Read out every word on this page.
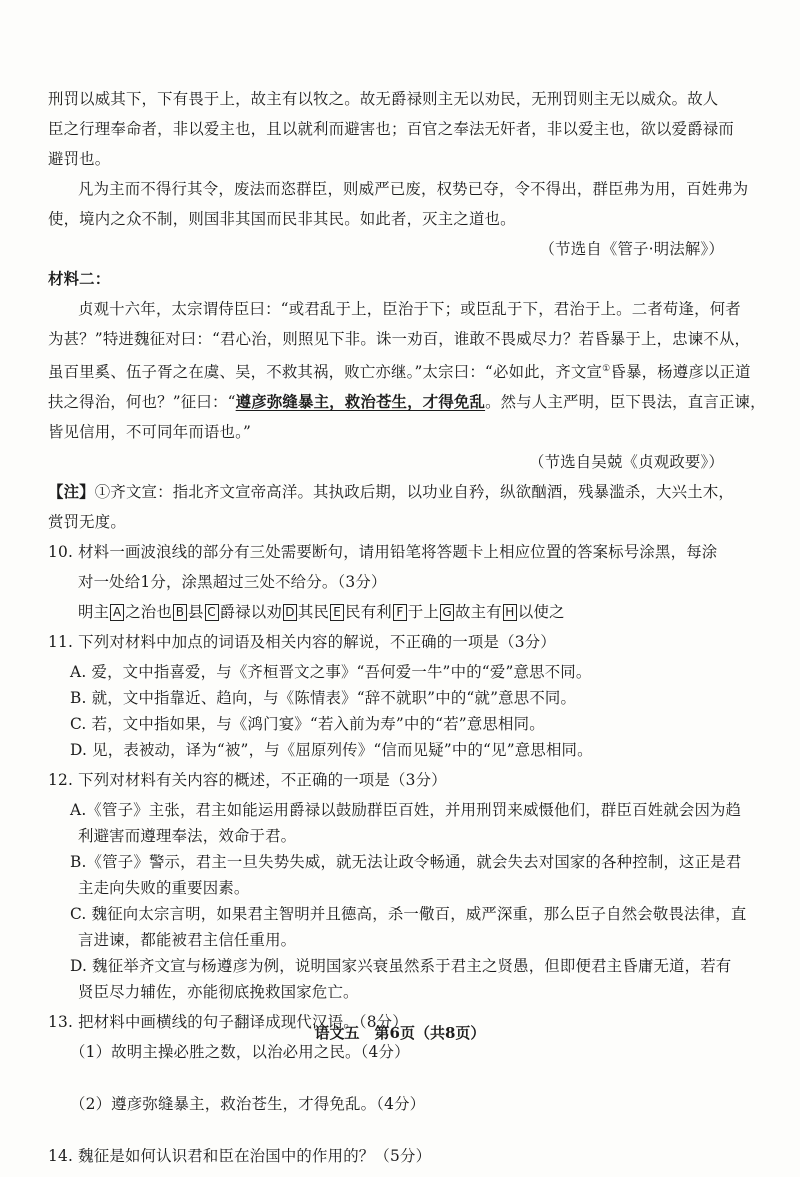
刑罚以威其下，下有畏于上，故主有以牧之。故无爵禄则主无以劝民，无刑罚则主无以威众。故人
臣之行理奉命者，非以爱主也，且以就利而避害也；百官之奉法无奸者，非以爱主也，欲以爱爵禄而
避罚也。
凡为主而不得行其令，废法而恣群臣，则威严已废，权势已夺，令不得出，群臣弗为用，百姓弗为
使，境内之众不制，则国非其国而民非其民。如此者，灭主之道也。
（节选自《管子·明法解》）
材料二：
贞观十六年，太宗谓侍臣曰：“或君乱于上，臣治于下；或臣乱于下，君治于上。二者苟逢，何者
为甚？”特进魏征对曰：“君心治，则照见下非。诛一劝百，谁敢不畏威尽力？若昏暴于上，忠谏不从，
虽百里奚、伍子胥之在虞、吴，不救其祸，败亡亦继。”太宗曰：“必如此，齐文宣①昏暴，杨遵彦以正道
扶之得治，何也？”征曰：“遵彦弥缝暴主，救治苍生，才得免乱。然与人主严明，臣下畏法，直言正谏，
皆见信用，不可同年而语也。”
（节选自吴兢《贞观政要》）
【注】①齐文宣：指北齐文宣帝高洋。其执政后期，以功业自矜，纵欲酗酒，残暴滥杀，大兴土木，
赏罚无度。
10. 材料一画波浪线的部分有三处需要断句，请用铅笔将答题卡上相应位置的答案标号涂黑，每涂
对一处给1分，涂黑超过三处不给分。（3分）
明主 A 之治也 B 县 C 爵禄以劝 D 其民 E 民有利 F 于上 G 故主有 H 以使之
11. 下列对材料中加点的词语及相关内容的解说，不正确的一项是（3分）
A. 爱，文中指喜爱，与《齐桓晋文之事》“吾何爱一牛”中的“爱”意思不同。
B. 就，文中指靠近、趋向，与《陈情表》“辞不就职”中的“就”意思不同。
C. 若，文中指如果，与《鸿门宴》“若入前为寿”中的“若”意思相同。
D. 见，表被动，译为“被”，与《屈原列传》“信而见疑”中的“见”意思相同。
12. 下列对材料有关内容的概述，不正确的一项是（3分）
A.《管子》主张，君主如能运用爵禄以鼓励群臣百姓，并用刑罚来威慑他们，群臣百姓就会因为趋
利避害而遵理奉法，效命于君。
B.《管子》警示，君主一旦失势失威，就无法让政令畅通，就会失去对国家的各种控制，这正是君
主走向失败的重要因素。
C. 魏征向太宗言明，如果君主智明并且德高，杀一儆百，威严深重，那么臣子自然会敬畏法律，直
言进谏，都能被君主信任重用。
D. 魏征举齐文宣与杨遵彦为例，说明国家兴衰虽然系于君主之贤愚，但即便君主昏庸无道，若有
贤臣尽力辅佐，亦能彻底挽救国家危亡。
13. 把材料中画横线的句子翻译成现代汉语。（8分）
（1）故明主操必胜之数，以治必用之民。（4分）
（2）遵彦弥缝暴主，救治苍生，才得免乱。（4分）
14. 魏征是如何认识君和臣在治国中的作用的？（5分）
语文五　第6页（共8页）
